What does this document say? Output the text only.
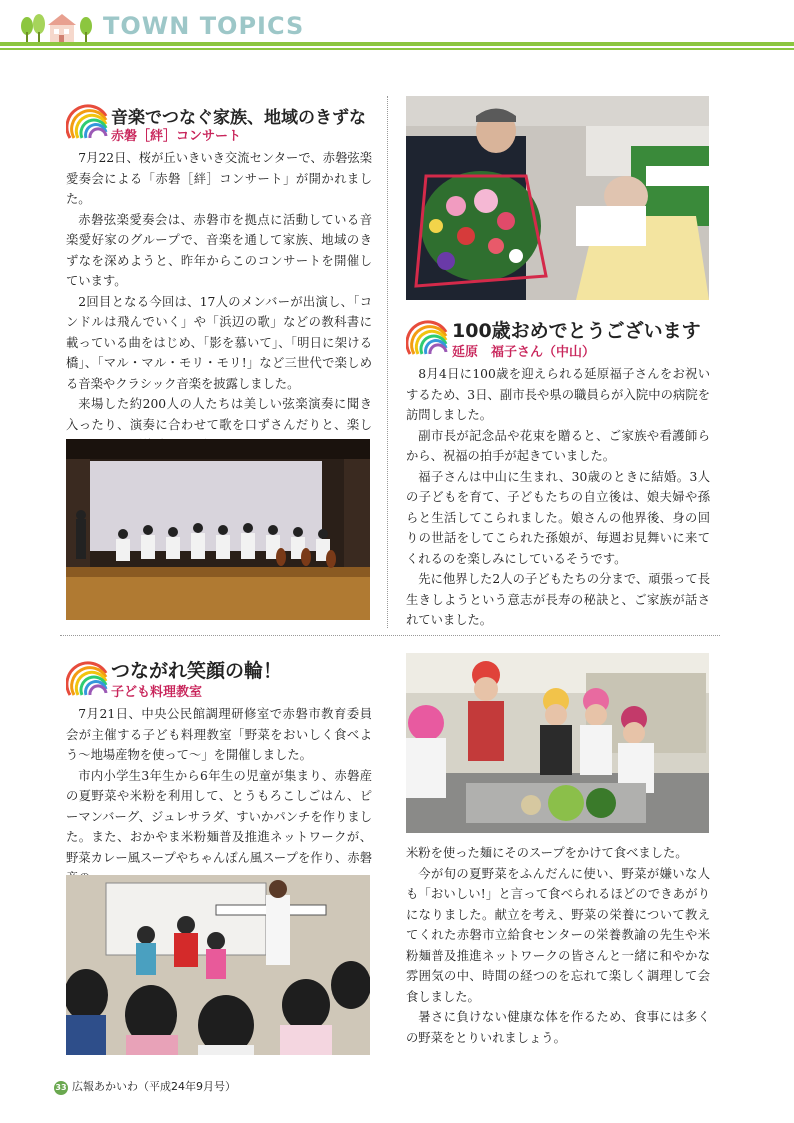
TOWN TOPICS
音楽でつなぐ家族、地域のきずな
赤磐［絆］コンサート

7月22日、桜が丘いきいき交流センターで、赤磐弦楽愛奏会による「赤磐［絆］コンサート」が開かれました。

赤磐弦楽愛奏会は、赤磐市を拠点に活動している音楽愛好家のグループで、音楽を通して家族、地域のきずなを深めようと、昨年からこのコンサートを開催しています。

2回目となる今回は、17人のメンバーが出演し、「コンドルは飛んでいく」や「浜辺の歌」などの教科書に載っている曲をはじめ、「影を慕いて」、「明日に架ける橋」、「マル・マル・モリ・モリ!」など三世代で楽しめる音楽やクラシック音楽を披露しました。

来場した約200人の人たちは美しい弦楽演奏に聞き入ったり、演奏に合わせて歌を口ずさんだりと、楽し

100歳おめでとうございます
延原　福子さん（中山）

8月4日に100歳を迎えられる延原福子さんをお祝いするため、3日、副市長や県の職員らが入院中の病院を訪問しました。

副市長が記念品や花束を贈ると、ご家族や看護師らから、祝福の拍手が起きていました。

福子さんは中山に生まれ、30歳のときに結婚。3人の子どもを育て、子どもたちの自立後は、娘夫婦や孫らと生活してこられました。娘さんの他界後、身の回りの世話をしてこられた孫娘が、毎週お見舞いに来てくれるのを楽しみにしているそうです。

先に他界した2人の子どもたちの分まで、頑張って長生きしようという意志が長寿の秘訣と、ご家族が話されていました。

つながれ笑顔の輪！
子ども料理教室

7月21日、中央公民館調理研修室で赤磐市教育委員会が主催する子ども料理教室「野菜をおいしく食べよう～地場産物を使って～」を開催しました。

市内小学生3年生から6年生の児童が集まり、赤磐産の夏野菜や米粉を利用して、とうもろこしごはん、ピーマンバーグ、ジュレサラダ、すいかパンチを作りました。また、おかやま米粉麺普及推進ネットワークが、野菜カレー風スープやちゃんぽん風スープを作り、赤磐	米粉を使った麺にそのスープをかけて食べました。

今が旬の夏野菜をふんだんに使い、野菜が嫌いな人も「おいしい!」と言って食べられるほどのできあがりになりました。献立を考え、野菜の栄養について教えてくれた赤磐市立給食センターの栄養教諭の先生や米粉麺普及推進ネットワークの皆さんと一緒に和やかな雰囲気の中、時間の経つのを忘れて楽しく調理して会食しました。

暑さに負けない健康な体を作るため、食事には多くの野菜をとりいれましょう。

33 広報あかいわ（平成24年9月号）
